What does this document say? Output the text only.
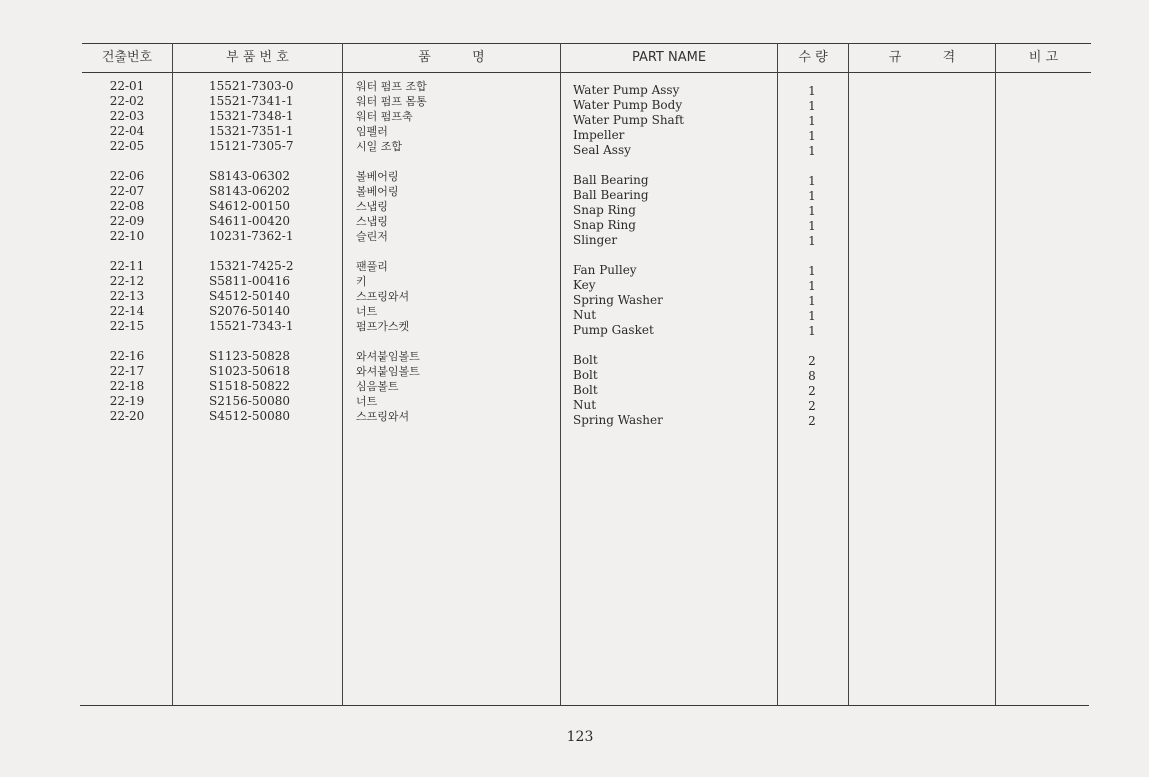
건출번호	부 품 번 호	품          명	PART NAME	수 량	규          격	비 고
22-01	15521-7303-0	워터 펌프 조합	Water Pump Assy	1
22-02	15521-7341-1	워터 펌프 몸통	Water Pump Body	1
22-03	15321-7348-1	워터 펌프축	Water Pump Shaft	1
22-04	15321-7351-1	임펠러	Impeller	1
22-05	15121-7305-7	시일 조합	Seal Assy	1
22-06	S8143-06302	볼베어링	Ball Bearing	1
22-07	S8143-06202	볼베어링	Ball Bearing	1
22-08	S4612-00150	스냅링	Snap Ring	1
22-09	S4611-00420	스냅링	Snap Ring	1
22-10	10231-7362-1	슬린저	Slinger	1
22-11	15321-7425-2	팬풀리	Fan Pulley	1
22-12	S5811-00416	키	Key	1
22-13	S4512-50140	스프링와셔	Spring Washer	1
22-14	S2076-50140	너트	Nut	1
22-15	15521-7343-1	펌프가스켓	Pump Gasket	1
22-16	S1123-50828	와셔붙임볼트	Bolt	2
22-17	S1023-50618	와셔붙임볼트	Bolt	8
22-18	S1518-50822	심음볼트	Bolt	2
22-19	S2156-50080	너트	Nut	2
22-20	S4512-50080	스프링와셔	Spring Washer	2
123
